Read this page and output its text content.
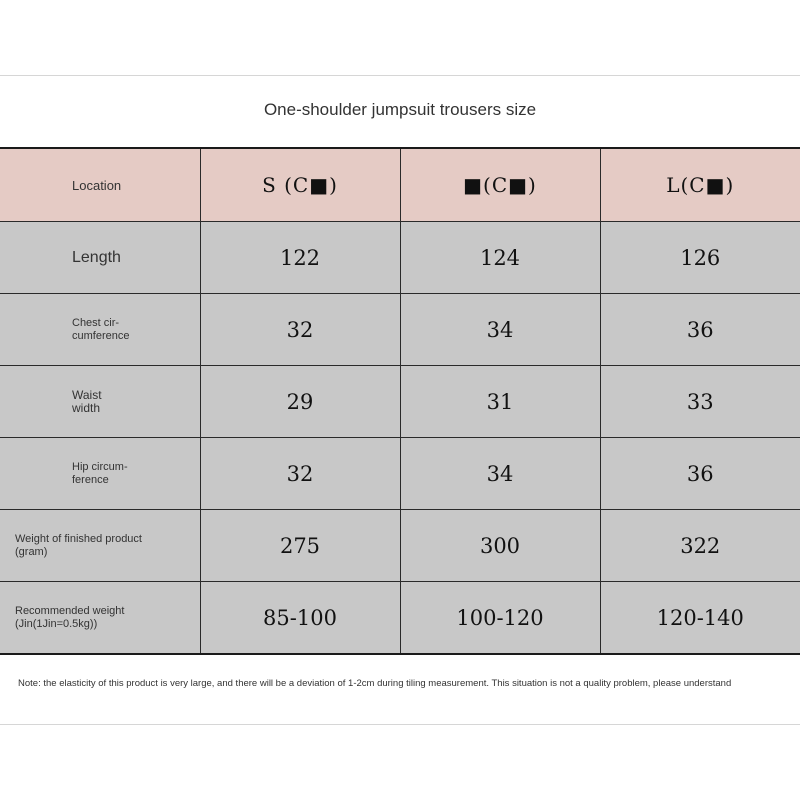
One-shoulder jumpsuit trousers size
Location	S (C■)	■(C■)	L(C■)

Length	122	124	126

Chest cir-
cumference	32	34	36

Waist
width	29	31	33

Hip circum-
ference	32	34	36

Weight of finished product
(gram)	275	300	322

Recommended weight
(Jin(1Jin=0.5kg))	85-100	100-120	120-140
Note: the elasticity of this product is very large, and there will be a deviation of 1-2cm during tiling measurement. This situation is not a quality problem, please understand
